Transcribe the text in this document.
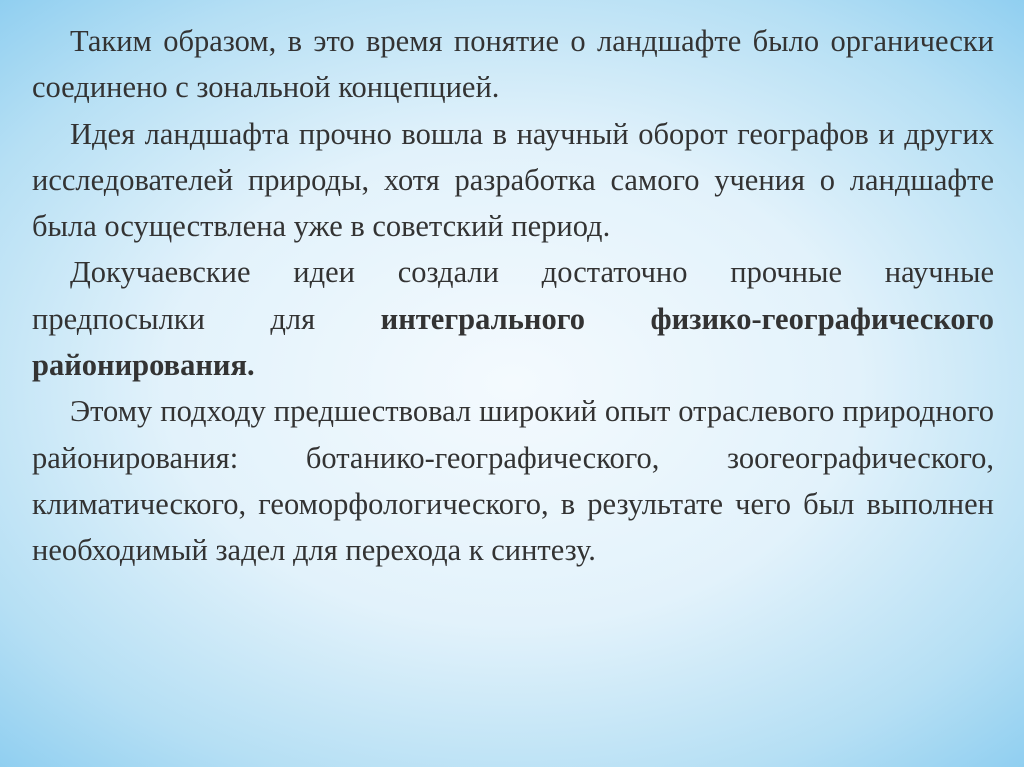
Таким образом, в это время понятие о ландшафте было органически соединено с зональной концепцией.

Идея ландшафта прочно вошла в научный оборот географов и других исследователей природы, хотя разработка самого учения о ландшафте была осуществлена уже в советский период.

Докучаевские идеи создали достаточно прочные научные предпосылки для интегрального физико-географического районирования.

Этому подходу предшествовал широкий опыт отраслевого природного районирования: ботанико-географического, зоогеографического, климатического, геоморфологического, в результате чего был выполнен необходимый задел для перехода к синтезу.
